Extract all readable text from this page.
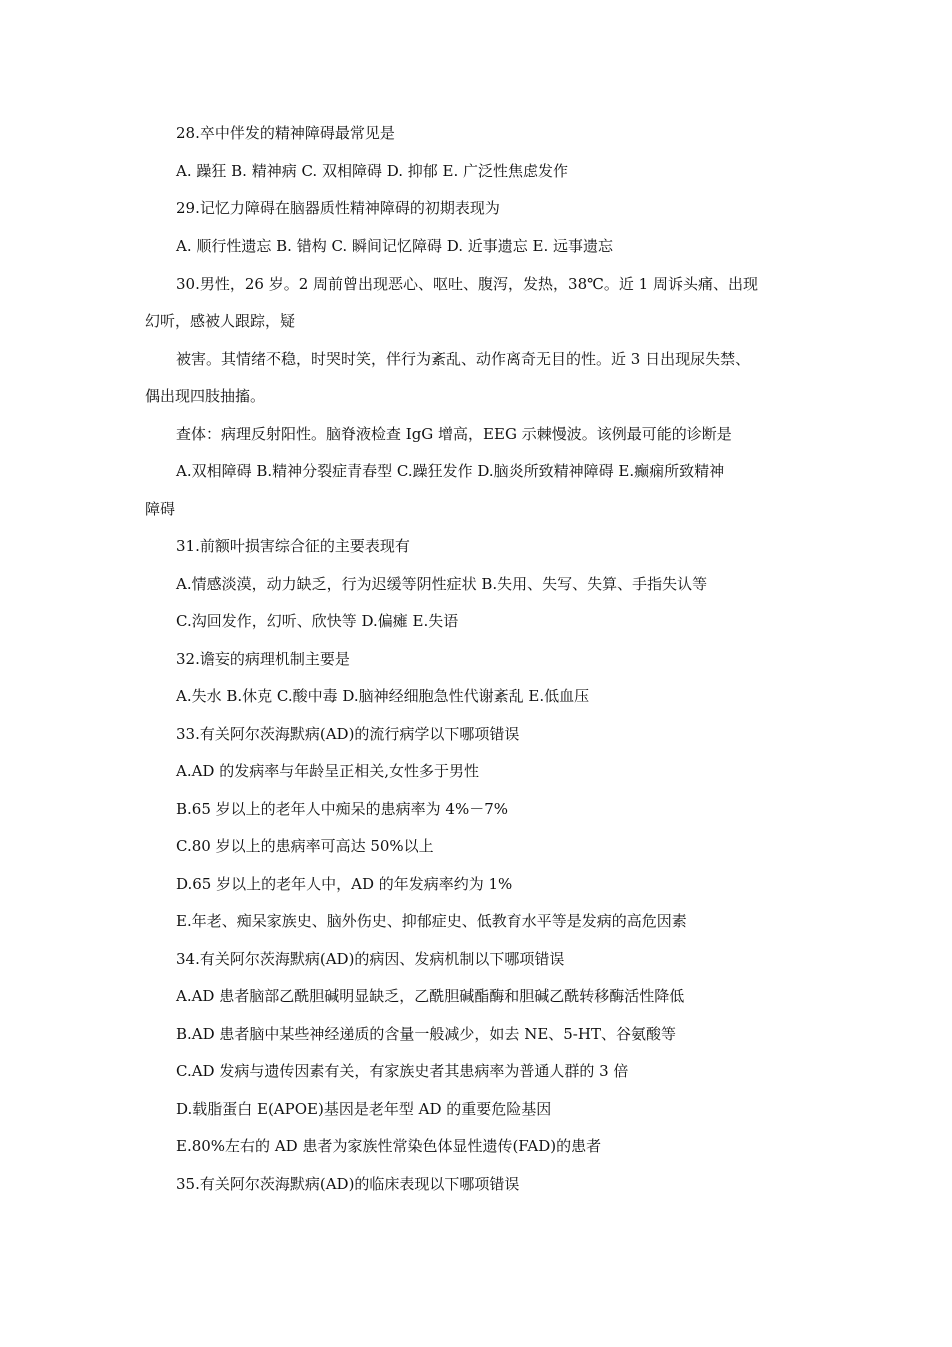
28.卒中伴发的精神障碍最常见是
A. 躁狂 B. 精神病 C. 双相障碍 D. 抑郁 E. 广泛性焦虑发作
29.记忆力障碍在脑器质性精神障碍的初期表现为
A. 顺行性遗忘 B. 错构 C. 瞬间记忆障碍 D. 近事遗忘 E. 远事遗忘
30.男性，26 岁。2 周前曾出现恶心、呕吐、腹泻，发热，38℃。近 1 周诉头痛、出现
幻听，感被人跟踪，疑
被害。其情绪不稳，时哭时笑，伴行为紊乱、动作离奇无目的性。近 3 日出现尿失禁、
偶出现四肢抽搐。
查体：病理反射阳性。脑脊液检查 IgG 增高，EEG 示棘慢波。该例最可能的诊断是
A.双相障碍 B.精神分裂症青春型 C.躁狂发作 D.脑炎所致精神障碍 E.癫痫所致精神
障碍
31.前额叶损害综合征的主要表现有
A.情感淡漠，动力缺乏，行为迟缓等阴性症状 B.失用、失写、失算、手指失认等
C.沟回发作，幻听、欣快等 D.偏瘫 E.失语
32.谵妄的病理机制主要是
A.失水 B.休克 C.酸中毒 D.脑神经细胞急性代谢紊乱 E.低血压
33.有关阿尔茨海默病(AD)的流行病学以下哪项错误
A.AD 的发病率与年龄呈正相关,女性多于男性
B.65 岁以上的老年人中痴呆的患病率为 4%－7%
C.80 岁以上的患病率可高达 50%以上
D.65 岁以上的老年人中，AD 的年发病率约为 1%
E.年老、痴呆家族史、脑外伤史、抑郁症史、低教育水平等是发病的高危因素
34.有关阿尔茨海默病(AD)的病因、发病机制以下哪项错误
A.AD 患者脑部乙酰胆碱明显缺乏，乙酰胆碱酯酶和胆碱乙酰转移酶活性降低
B.AD 患者脑中某些神经递质的含量一般减少，如去 NE、5-HT、谷氨酸等
C.AD 发病与遗传因素有关，有家族史者其患病率为普通人群的 3 倍
D.载脂蛋白 E(APOE)基因是老年型 AD 的重要危险基因
E.80%左右的 AD 患者为家族性常染色体显性遗传(FAD)的患者
35.有关阿尔茨海默病(AD)的临床表现以下哪项错误
